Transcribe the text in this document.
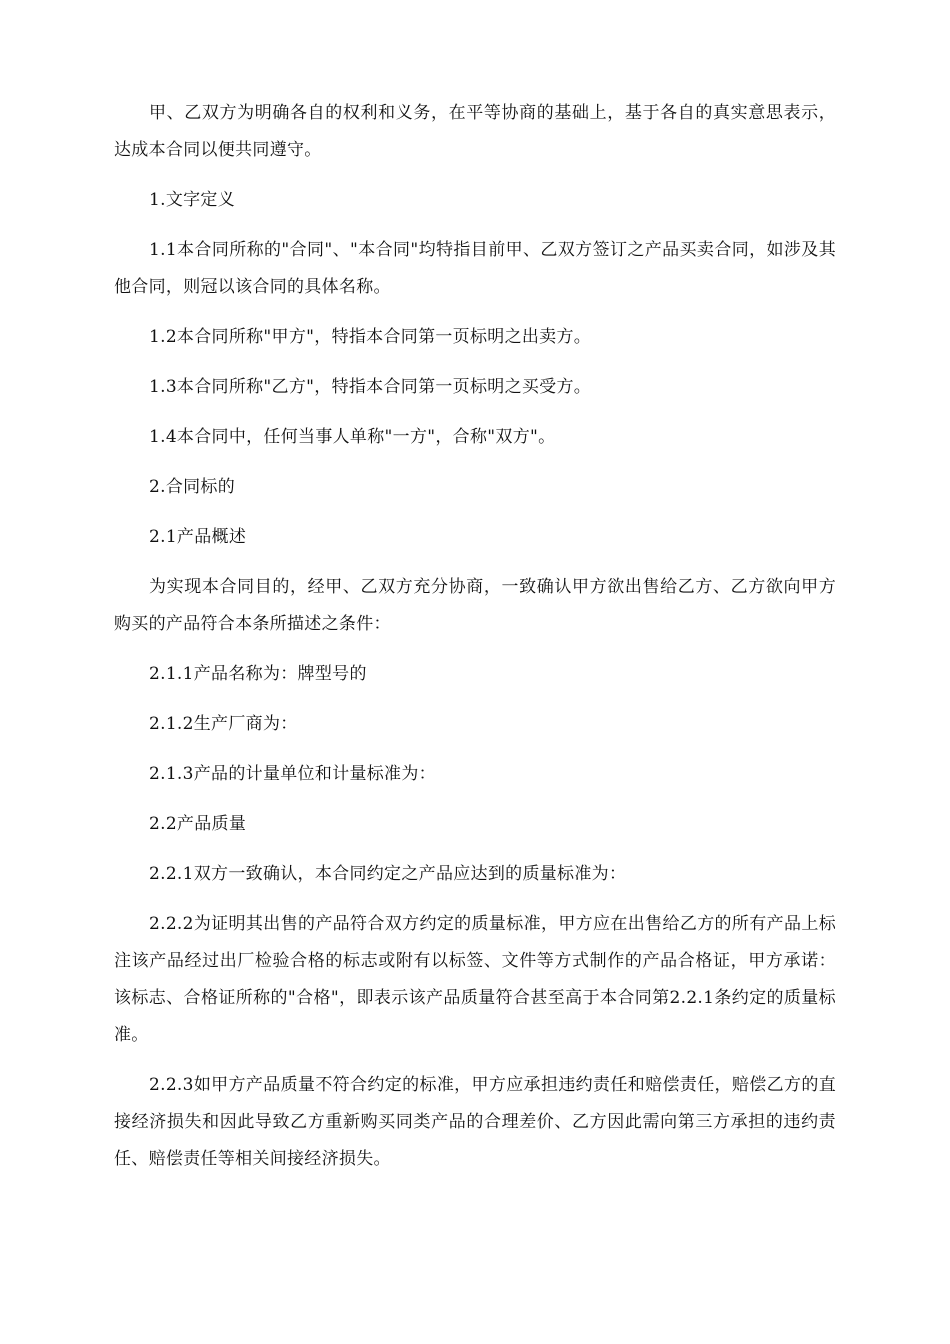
甲、乙双方为明确各自的权利和义务，在平等协商的基础上，基于各自的真实意思表示，达成本合同以便共同遵守。

1.文字定义

1.1本合同所称的"合同"、"本合同"均特指目前甲、乙双方签订之产品买卖合同，如涉及其他合同，则冠以该合同的具体名称。

1.2本合同所称"甲方"，特指本合同第一页标明之出卖方。

1.3本合同所称"乙方"，特指本合同第一页标明之买受方。

1.4本合同中，任何当事人单称"一方"，合称"双方"。

2.合同标的

2.1产品概述

为实现本合同目的，经甲、乙双方充分协商，一致确认甲方欲出售给乙方、乙方欲向甲方购买的产品符合本条所描述之条件：

2.1.1产品名称为：牌型号的

2.1.2生产厂商为：

2.1.3产品的计量单位和计量标准为：

2.2产品质量

2.2.1双方一致确认，本合同约定之产品应达到的质量标准为：

2.2.2为证明其出售的产品符合双方约定的质量标准，甲方应在出售给乙方的所有产品上标注该产品经过出厂检验合格的标志或附有以标签、文件等方式制作的产品合格证，甲方承诺：该标志、合格证所称的"合格"，即表示该产品质量符合甚至高于本合同第2.2.1条约定的质量标准。

2.2.3如甲方产品质量不符合约定的标准，甲方应承担违约责任和赔偿责任，赔偿乙方的直接经济损失和因此导致乙方重新购买同类产品的合理差价、乙方因此需向第三方承担的违约责任、赔偿责任等相关间接经济损失。
